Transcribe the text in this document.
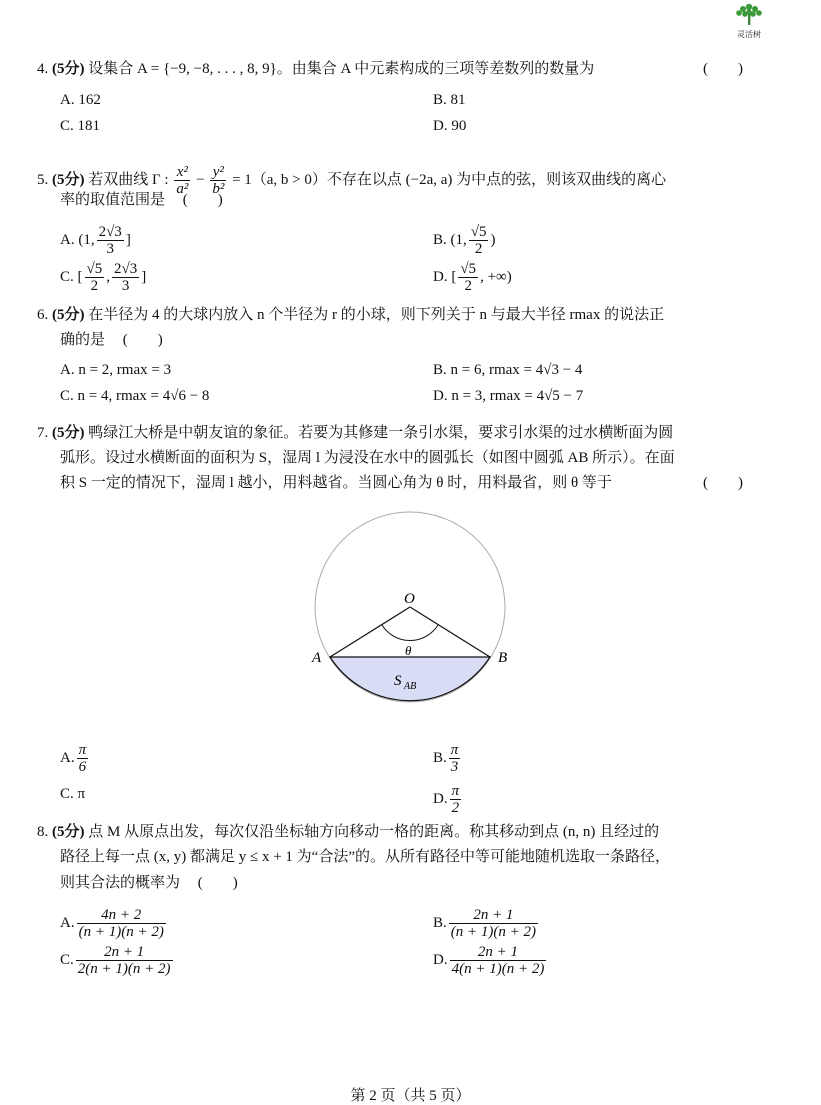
灵活树
4. (5分) 设集合 A = {−9, −8, . . . , 8, 9}。由集合 A 中元素构成的三项等差数列的数量为	(　　)
A. 162	B. 81
C. 181	D. 90
5. (5分) 若双曲线 Γ : $\frac{\text{x²}}{\text{a²}} - \frac{\text{y²}}{\text{b²}} = 1(a$, b > 0）不存在以点 (−2a, a) 为中点的弦，则该双曲线的离心
率的取值范围是 (　　)
A. (1, $\frac{2√3}{3}$ ]	B. (1, $\frac{√5}{2}$ )
C. [ $\frac{√5}{2}$ , $\frac{2√3}{3}$ ]	D. [ $\frac{√5}{2}$ , +∞)
6. (5分) 在半径为 4 的大球内放入 n 个半径为 r 的小球，则下列关于 n 与最大半径 rmax 的说法正
确的是 (　　)
A. n = 2, rmax = 3	B. n = 6, rmax = 4√3 − 4
C. n = 4, rmax = 4√6 − 8	D. n = 3, rmax = 4√5 − 7
7. (5分) 鸭绿江大桥是中朝友谊的象征。若要为其修建一条引水渠，要求引水渠的过水横断面为圆
弧形。设过水横断面的面积为 S，湿周 l 为浸没在水中的圆弧长（如图中圆弧 AB 所示）。在面
积 S 一定的情况下，湿周 l 越小，用料越省。当圆心角为 θ 时，用料最省，则 θ 等于	(　　)
O
A	B
θ
S AB
A. $\frac{\pi}{6}$	B. $\frac{\pi}{3}$
C. π	D. $\frac{\pi}{2}$
8. (5分) 点 M 从原点出发，每次仅沿坐标轴方向移动一格的距离。称其移动到点 (n, n) 且经过的
路径上每一点 (x, y) 都满足 y ≤ x + 1 为“合法”的。从所有路径中等可能地随机选取一条路径，
则其合法的概率为 (　　)
A. $\frac{4n + 2}{(n + 1)(n + 2)}$	B. $\frac{2n + 1}{(n + 1)(n + 2)}$
C. $\frac{2n + 1}{2(n + 1)(n + 2)}$	D. $\frac{2n + 1}{4(n + 1)(n + 2)}$
第 2 页（共 5 页）
